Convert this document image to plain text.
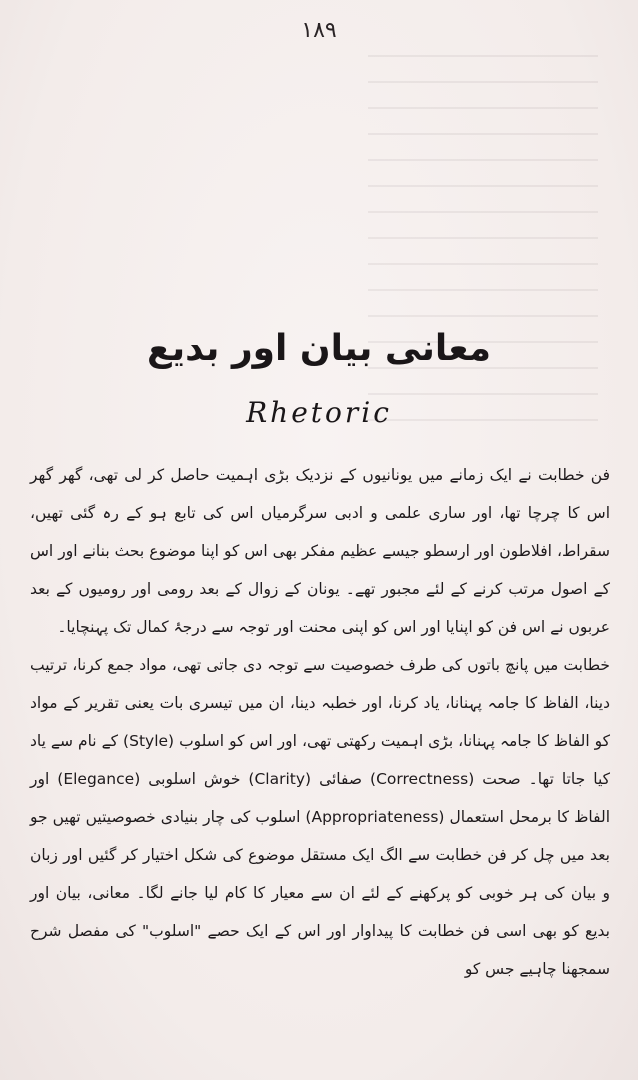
۱۸۹
معانی بیان اور بدیع
Rhetoric

فن خطابت نے ایک زمانے میں یونانیوں کے نزدیک بڑی اہمیت حاصل کر لی تھی، گھر گھر اس کا چرچا تھا، اور ساری علمی و ادبی سرگرمیاں اس کی تابع ہو کے رہ گئی تھیں، سقراط، افلاطون اور ارسطو جیسے عظیم مفکر بھی اس کو اپنا موضوع بحث بنانے اور اس کے اصول مرتب کرنے کے لئے مجبور تھے۔ یونان کے زوال کے بعد رومی اور رومیوں کے بعد عربوں نے اس فن کو اپنایا اور اس کو اپنی محنت اور توجہ سے درجۂ کمال تک پہنچایا۔

خطابت میں پانچ باتوں کی طرف خصوصیت سے توجہ دی جاتی تھی، مواد جمع کرنا، ترتیب دینا، الفاظ کا جامہ پہنانا، یاد کرنا، اور خطبہ دینا، ان میں تیسری بات یعنی تقریر کے مواد کو الفاظ کا جامہ پہنانا، بڑی اہمیت رکھتی تھی، اور اس کو اسلوب (Style) کے نام سے یاد کیا جاتا تھا۔ صحت (Correctness) صفائی (Clarity) خوش اسلوبی (Elegance) اور الفاظ کا برمحل استعمال (Appropriateness) اسلوب کی چار بنیادی خصوصیتیں تھیں جو بعد میں چل کر فن خطابت سے الگ ایک مستقل موضوع کی شکل اختیار کر گئیں اور زبان و بیان کی ہر خوبی کو پرکھنے کے لئے ان سے معیار کا کام لیا جانے لگا۔ معانی، بیان اور بدیع کو بھی اسی فن خطابت کا پیداوار اور اس کے ایک حصے "اسلوب" کی مفصل شرح سمجھنا چاہیے جس کو
